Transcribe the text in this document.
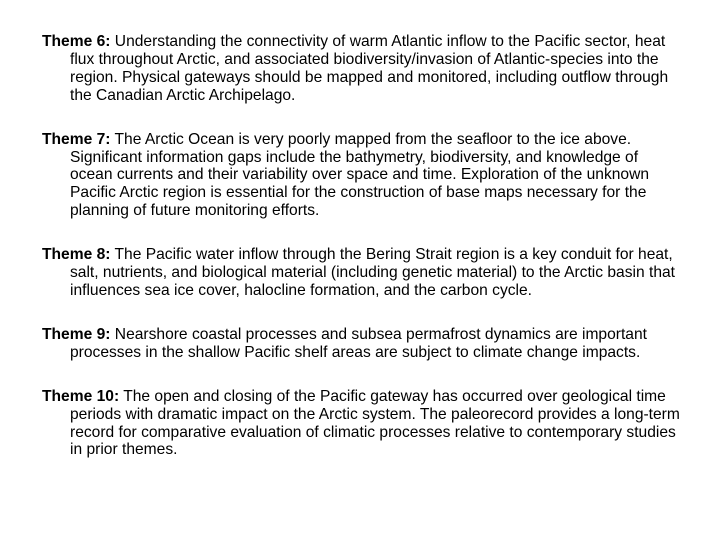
Theme 6: Understanding the connectivity of warm Atlantic inflow to the Pacific sector, heat flux throughout Arctic, and associated biodiversity/invasion of Atlantic-species into the region. Physical gateways should be mapped and monitored, including outflow through the Canadian Arctic Archipelago.

Theme 7: The Arctic Ocean is very poorly mapped from the seafloor to the ice above. Significant information gaps include the bathymetry, biodiversity, and knowledge of ocean currents and their variability over space and time. Exploration of the unknown Pacific Arctic region is essential for the construction of base maps necessary for the planning of future monitoring efforts.

Theme 8: The Pacific water inflow through the Bering Strait region is a key conduit for heat, salt, nutrients, and biological material (including genetic material) to the Arctic basin that influences sea ice cover, halocline formation, and the carbon cycle.

Theme 9: Nearshore coastal processes and subsea permafrost dynamics are important processes in the shallow Pacific shelf areas are subject to climate change impacts.

Theme 10: The open and closing of the Pacific gateway has occurred over geological time periods with dramatic impact on the Arctic system. The paleorecord provides a long-term record for comparative evaluation of climatic processes relative to contemporary studies in prior themes.
